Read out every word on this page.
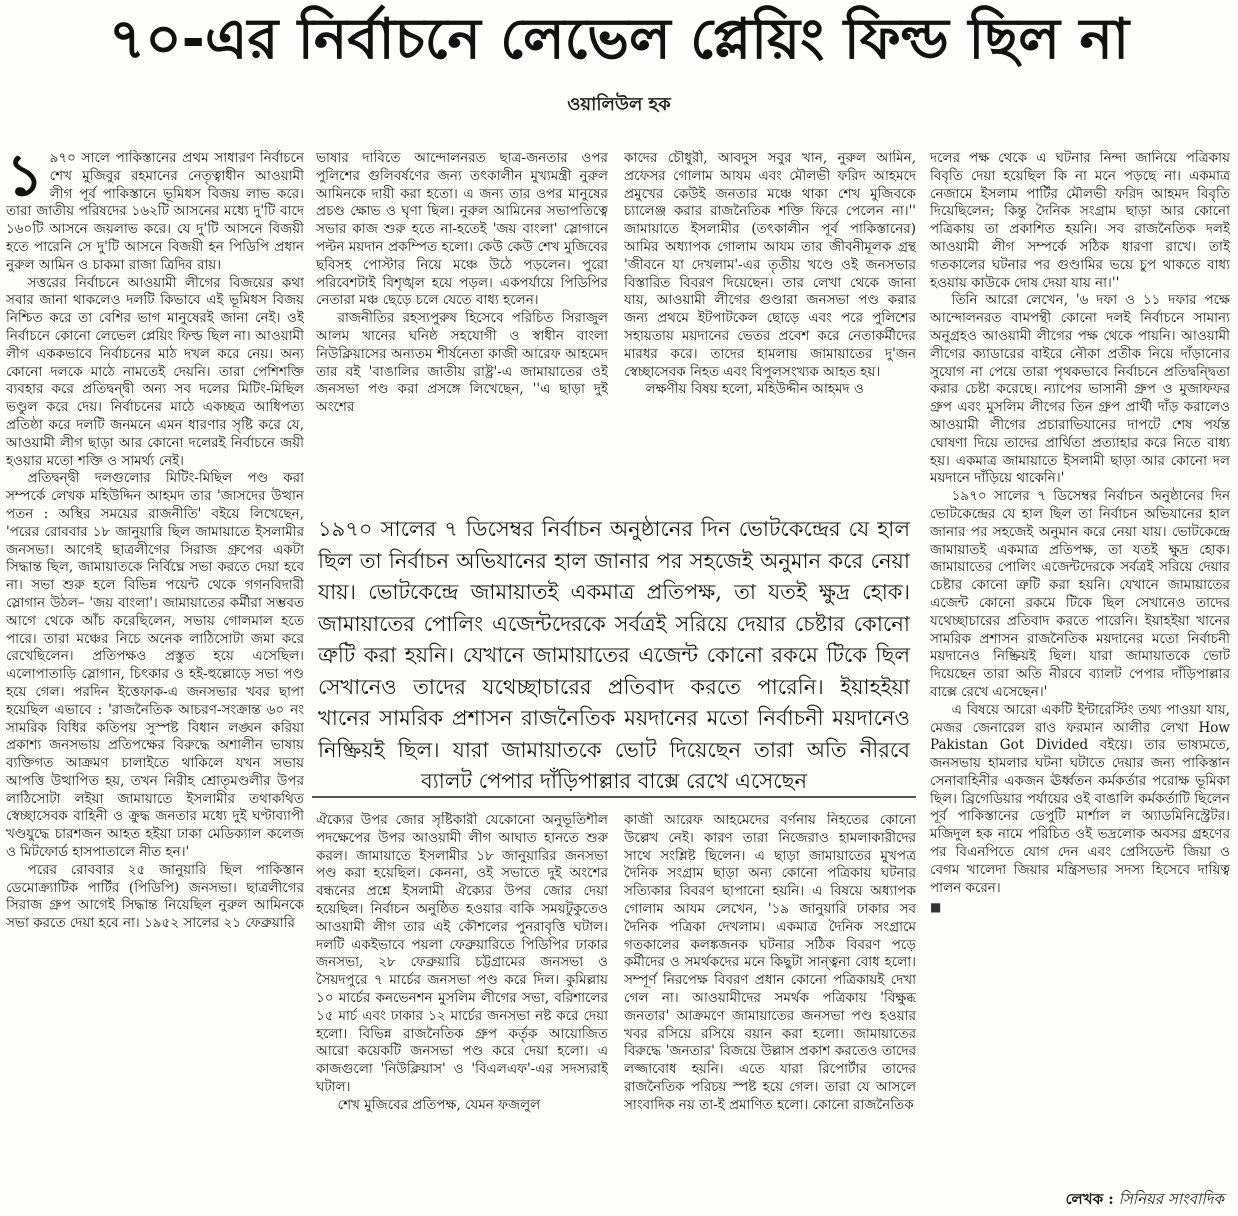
৭০-এর নির্বাচনে লেভেল প্লেয়িং ফিল্ড ছিল না
ওয়ালিউল হক

১ ৯৭০ সালে পাকিস্তানের প্রথম সাধারণ নির্বাচনে শেখ মুজিবুর রহমানের নেতৃত্বাধীন আওয়ামী লীগ পূর্ব পাকিস্তানে ভূমিধস বিজয় লাভ করে। তারা জাতীয় পরিষদের ১৬২টি আসনের মধ্যে দু'টি বাদে ১৬০টি আসনে জয়লাভ করে। যে দু'টি আসনে বিজয়ী হতে পারেনি সে দু'টি আসনে বিজয়ী হন পিডিপি প্রধান নুরুল আমিন ও চাকমা রাজা ত্রিদিব রায়।

সত্তরের নির্বাচনে আওয়ামী লীগের বিজয়ের কথা সবার জানা থাকলেও দলটি কিভাবে এই ভূমিধস বিজয় নিশ্চিত করে তা বেশির ভাগ মানুষেরই জানা নেই। ওই নির্বাচনে কোনো লেভেল প্লেয়িং ফিল্ড ছিল না। আওয়ামী লীগ এককভাবে নির্বাচনের মাঠ দখল করে নেয়। অন্য কোনো দলকে মাঠে নামতেই দেয়নি। তারা পেশিশক্তি ব্যবহার করে প্রতিদ্বন্দ্বী অন্য সব দলের মিটিং-মিছিল ভণ্ডুল করে দেয়। নির্বাচনের মাঠে একচ্ছত্র আধিপত্য প্রতিষ্ঠা করে দলটি জনমনে এমন ধারণার সৃষ্টি করে যে, আওয়ামী লীগ ছাড়া আর কোনো দলেরই নির্বাচনে জয়ী হওয়ার মতো শক্তি ও সামর্থ্য নেই।

প্রতিদ্বন্দ্বী দলগুলোর মিটিং-মিছিল পণ্ড করা সম্পর্কে লেখক মহিউদ্দিন আহমদ তার 'জাসদের উত্থান পতন : অস্থির সময়ের রাজনীতি' বইয়ে লিখেছেন, 'পরের রোববার ১৮ জানুয়ারি ছিল জামায়াতে ইসলামীর জনসভা। আগেই ছাত্রলীগের সিরাজ গ্রুপের একটা সিদ্ধান্ত ছিল, জামায়াতকে নির্বিঘ্নে সভা করতে দেয়া হবে না। সভা শুরু হলে বিভিন্ন পয়েন্ট থেকে গগনবিদারী স্লোগান উঠল– 'জয় বাংলা'। জামায়াতের কর্মীরা সম্ভবত আগে থেকে আঁচ করেছিলেন, সভায় গোলমাল হতে পারে। তারা মঞ্চের নিচে অনেক লাঠিসোটা জমা করে রেখেছিলেন। প্রতিপক্ষও প্রস্তুত হয়ে এসেছিল। এলোপাতাড়ি স্লোগান, চিৎকার ও হই-হুল্লোড়ে সভা পণ্ড হয়ে গেল। পরদিন ইত্তেফাক-এ জনসভার খবর ছাপা হয়েছিল এভাবে : 'রাজনৈতিক আচরণ-সংক্রান্ত ৬০ নং সামরিক বিধির কতিপয় সুস্পষ্ট বিধান লঙ্ঘন করিয়া প্রকাশ্য জনসভায় প্রতিপক্ষের বিরুদ্ধে অশালীন ভাষায় ব্যক্তিগত আক্রমণ চালাইতে থাকিলে যখন সভায় আপত্তি উত্থাপিত হয়, তখন নিরীহ শ্রোতৃমণ্ডলীর উপর লাঠিসোটা লইয়া জামায়াতে ইসলামীর তথাকথিত স্বেচ্ছাসেবক বাহিনী ও ক্রুদ্ধ জনতার মধ্যে দুই ঘণ্টাব্যাপী খণ্ডযুদ্ধে চারশজন আহত হইয়া ঢাকা মেডিক্যাল কলেজ ও মিটফোর্ড হাসপাতালে নীত হন।'

পরের রোববার ২৫ জানুয়ারি ছিল পাকিস্তান ডেমোক্র্যাটিক পার্টির (পিডিপি) জনসভা। ছাত্রলীগের সিরাজ গ্রুপ আগেই সিদ্ধান্ত নিয়েছিল নুরুল আমিনকে সভা করতে দেয়া হবে না। ১৯৫২ সালের ২১ ফেব্রুয়ারি

ভাষার দাবিতে আন্দোলনরত ছাত্র-জনতার ওপর পুলিশের গুলিবর্ষণের জন্য তৎকালীন মুখ্যমন্ত্রী নুরুল আমিনকে দায়ী করা হতো। এ জন্য তার ওপর মানুষের প্রচণ্ড ক্ষোভ ও ঘৃণা ছিল। নুরুল আমিনের সভাপতিত্বে সভার কাজ শুরু হতে না-হতেই 'জয় বাংলা' স্লোগানে পল্টন ময়দান প্রকম্পিত হলো। কেউ কেউ শেখ মুজিবের ছবিসহ পোস্টার নিয়ে মঞ্চে উঠে পড়লেন। পুরো পরিবেশটাই বিশৃঙ্খল হয়ে পড়ল। একপর্যায়ে পিডিপির নেতারা মঞ্চ ছেড়ে চলে যেতে বাধ্য হলেন।

রাজনীতির রহস্যপুরুষ হিসেবে পরিচিত সিরাজুল আলম খানের ঘনিষ্ঠ সহযোগী ও স্বাধীন বাংলা নিউক্লিয়াসের অন্যতম শীর্ষনেতা কাজী আরেফ আহমেদ তার বই 'বাঙালির জাতীয় রাষ্ট্র'-এ জামায়াতের ওই জনসভা পণ্ড করা প্রসঙ্গে লিখেছেন, ''এ ছাড়া দুই অংশের

কাদের চৌধুরী, আবদুস সবুর খান, নুরুল আমিন, প্রফেসর গোলাম আযম এবং মৌলভী ফরিদ আহমদে প্রমুখের কেউই জনতার মঞ্চে থাকা শেখ মুজিবকে চ্যালেঞ্জ করার রাজনৈতিক শক্তি ফিরে পেলেন না।'' জামায়াতে ইসলামীর (তৎকালীন পূর্ব পাকিস্তানের) আমির অধ্যাপক গোলাম আযম তার জীবনীমূলক গ্রন্থ 'জীবনে যা দেখলাম'-এর তৃতীয় খণ্ডে ওই জনসভার বিস্তারিত বিবরণ দিয়েছেন। তার লেখা থেকে জানা যায়, আওয়ামী লীগের গুণ্ডারা জনসভা পণ্ড করার জন্য প্রথমে ইটপাটকেল ছোড়ে এবং পরে পুলিশের সহায়তায় ময়দানের ভেতর প্রবেশ করে নেতাকর্মীদের মারধর করে। তাদের হামলায় জামায়াতের দু'জন স্বেচ্ছাসেবক নিহত এবং বিপুলসংখ্যক আহত হয়।

লক্ষণীয় বিষয় হলো, মহিউদ্দীন আহমদ ও

১৯৭০ সালের ৭ ডিসেম্বর নির্বাচন অনুষ্ঠানের দিন ভোটকেন্দ্রের যে হাল ছিল তা নির্বাচন অভিযানের হাল জানার পর সহজেই অনুমান করে নেয়া যায়। ভোটকেন্দ্রে জামায়াতই একমাত্র প্রতিপক্ষ, তা যতই ক্ষুদ্র হোক। জামায়াতের পোলিং এজেন্টদেরকে সর্বত্রই সরিয়ে দেয়ার চেষ্টার কোনো ত্রুটি করা হয়নি। যেখানে জামায়াতের এজেন্ট কোনো রকমে টিকে ছিল সেখানেও তাদের যথেচ্ছাচারের প্রতিবাদ করতে পারেনি। ইয়াহইয়া খানের সামরিক প্রশাসন রাজনৈতিক ময়দানের মতো নির্বাচনী ময়দানেও নিষ্ক্রিয়ই ছিল। যারা জামায়াতকে ভোট দিয়েছেন তারা অতি নীরবে ব্যালট পেপার দাঁড়িপাল্লার বাক্সে রেখে এসেছেন

ঐক্যের উপর জোর সৃষ্টিকারী যেকোনো অনুভূতিশীল পদক্ষেপের উপর আওয়ামী লীগ আঘাত হানতে শুরু করল। জামায়াতে ইসলামীর ১৮ জানুয়ারির জনসভা পণ্ড করা হয়েছিল। কেননা, ওই সভাতে দুই অংশের বন্ধনের প্রশ্নে ইসলামী ঐক্যের উপর জোর দেয়া হয়েছিল। নির্বাচন অনুষ্ঠিত হওয়ার বাকি সময়টুকুতেও আওয়ামী লীগ তার এই কৌশলের পুনরাবৃত্তি ঘটাল। দলটি একইভাবে পয়লা ফেব্রুয়ারিতে পিডিপির ঢাকার জনসভা, ২৮ ফেব্রুয়ারি চট্টগ্রামের জনসভা ও সৈয়দপুরে ৭ মার্চের জনসভা পণ্ড করে দিল। কুমিল্লায় ১০ মার্চের কনভেনশন মুসলিম লীগের সভা, বরিশালের ১৫ মার্চ এবং ঢাকার ১২ মার্চের জনসভা নষ্ট করে দেয়া হলো। বিভিন্ন রাজনৈতিক গ্রুপ কর্তৃক আয়োজিত আরো কয়েকটি জনসভা পণ্ড করে দেয়া হলো। এ কাজগুলো 'নিউক্লিয়াস' ও 'বিএলএফ'-এর সদস্যরাই ঘটাল।

শেখ মুজিবের প্রতিপক্ষ, যেমন ফজলুল

কাজী আরেফ আহমেদের বর্ণনায় নিহতের কোনো উল্লেখ নেই। কারণ তারা নিজেরাও হামলাকারীদের সাথে সংশ্লিষ্ট ছিলেন। এ ছাড়া জামায়াতের মুখপত্র দৈনিক সংগ্রাম ছাড়া অন্য কোনো পত্রিকায় ঘটনার সত্যিকার বিবরণ ছাপানো হয়নি। এ বিষয়ে অধ্যাপক গোলাম আযম লেখেন, '১৯ জানুয়ারি ঢাকার সব দৈনিক পত্রিকা দেখলাম। একমাত্র দৈনিক সংগ্রামে গতকালের কলঙ্কজনক ঘটনার সঠিক বিবরণ পড়ে কর্মীদের ও সমর্থকদের মনে কিছুটা সান্ত্বনা বোধ হলো। সম্পূর্ণ নিরপেক্ষ বিবরণ প্রধান কোনো পত্রিকায়ই দেখা গেল না। আওয়ামীদের সমর্থক পত্রিকায় 'বিক্ষুব্ধ জনতার' আক্রমণে জামায়াতের জনসভা পণ্ড হওয়ার খবর রসিয়ে রসিয়ে বয়ান করা হলো। জামায়াতের বিরুদ্ধে 'জনতার' বিজয়ে উল্লাস প্রকাশ করতেও তাদের লজ্জাবোধ হয়নি। এতে যারা রিপোর্টার তাদের রাজনৈতিক পরিচয় স্পষ্ট হয়ে গেল। তারা যে আসলে সাংবাদিক নয় তা-ই প্রমাণিত হলো। কোনো রাজনৈতিক

দলের পক্ষ থেকে এ ঘটনার নিন্দা জানিয়ে পত্রিকায় বিবৃতি দেয়া হয়েছিল কি না মনে পড়ছে না। একমাত্র নেজামে ইসলাম পার্টির মৌলভী ফরিদ আহমদ বিবৃতি দিয়েছিলেন; কিন্তু দৈনিক সংগ্রাম ছাড়া আর কোনো পত্রিকায় তা প্রকাশিত হয়নি। সব রাজনৈতিক দলই আওয়ামী লীগ সম্পর্কে সঠিক ধারণা রাখে। তাই গতকালের ঘটনার পর গুণ্ডামির ভয়ে চুপ থাকতে বাধ্য হওয়ায় কাউকে দোষ দেয়া যায় না।''

তিনি আরো লেখেন, '৬ দফা ও ১১ দফার পক্ষে আন্দোলনরত বামপন্থী কোনো দলই নির্বাচনে সামান্য অনুগ্রহও আওয়ামী লীগের পক্ষ থেকে পায়নি। আওয়ামী লীগের ক্যাডারের বাইরে নৌকা প্রতীক নিয়ে দাঁড়ানোর সুযোগ না পেয়ে তারা পৃথকভাবে নির্বাচনে প্রতিদ্বন্দ্বিতা করার চেষ্টা করেছে। ন্যাপের ভাসানী গ্রুপ ও মুজাফফর গ্রুপ এবং মুসলিম লীগের তিন গ্রুপ প্রার্থী দাঁড় করালেও আওয়ামী লীগের প্রচারাভিযানের দাপটে শেষ পর্যন্ত ঘোষণা দিয়ে তাদের প্রার্থিতা প্রত্যাহার করে নিতে বাধ্য হয়। একমাত্র জামায়াতে ইসলামী ছাড়া আর কোনো দল ময়দানে দাঁড়িয়ে থাকেনি।'

১৯৭০ সালের ৭ ডিসেম্বর নির্বাচন অনুষ্ঠানের দিন ভোটকেন্দ্রের যে হাল ছিল তা নির্বাচন অভিযানের হাল জানার পর সহজেই অনুমান করে নেয়া যায়। ভোটকেন্দ্রে জামায়াতই একমাত্র প্রতিপক্ষ, তা যতই ক্ষুদ্র হোক। জামায়াতের পোলিং এজেন্টদেরকে সর্বত্রই সরিয়ে দেয়ার চেষ্টার কোনো ত্রুটি করা হয়নি। যেখানে জামায়াতের এজেন্ট কোনো রকমে টিকে ছিল সেখানেও তাদের যথেচ্ছাচারের প্রতিবাদ করতে পারেনি। ইয়াহইয়া খানের সামরিক প্রশাসন রাজনৈতিক ময়দানের মতো নির্বাচনী ময়দানেও নিষ্ক্রিয়ই ছিল। যারা জামায়াতকে ভোট দিয়েছেন তারা অতি নীরবে ব্যালট পেপার দাঁড়িপাল্লার বাক্সে রেখে এসেছেন।'

এ বিষয়ে আরো একটি ইন্টারেস্টিং তথ্য পাওয়া যায়, মেজর জেনারেল রাও ফরমান আলীর লেখা How Pakistan Got Divided বইয়ে। তার ভাষ্যমতে, জনসভায় হামলার ঘটনা ঘটাতে দেয়ার জন্য পাকিস্তান সেনাবাহিনীর একজন ঊর্ধ্বতন কর্মকর্তার পরোক্ষ ভূমিকা ছিল। ব্রিগেডিয়ার পর্যায়ের ওই বাঙালি কর্মকর্তাটি ছিলেন পূর্ব পাকিস্তানের ডেপুটি মার্শাল ল অ্যাডমিনিস্ট্রেটর। মজিদুল হক নামে পরিচিত ওই ভদ্রলোক অবসর গ্রহণের পর বিএনপিতে যোগ দেন এবং প্রেসিডেন্ট জিয়া ও বেগম খালেদা জিয়ার মন্ত্রিসভার সদস্য হিসেবে দায়িত্ব পালন করেন।

■
লেখক : সিনিয়র সাংবাদিক
